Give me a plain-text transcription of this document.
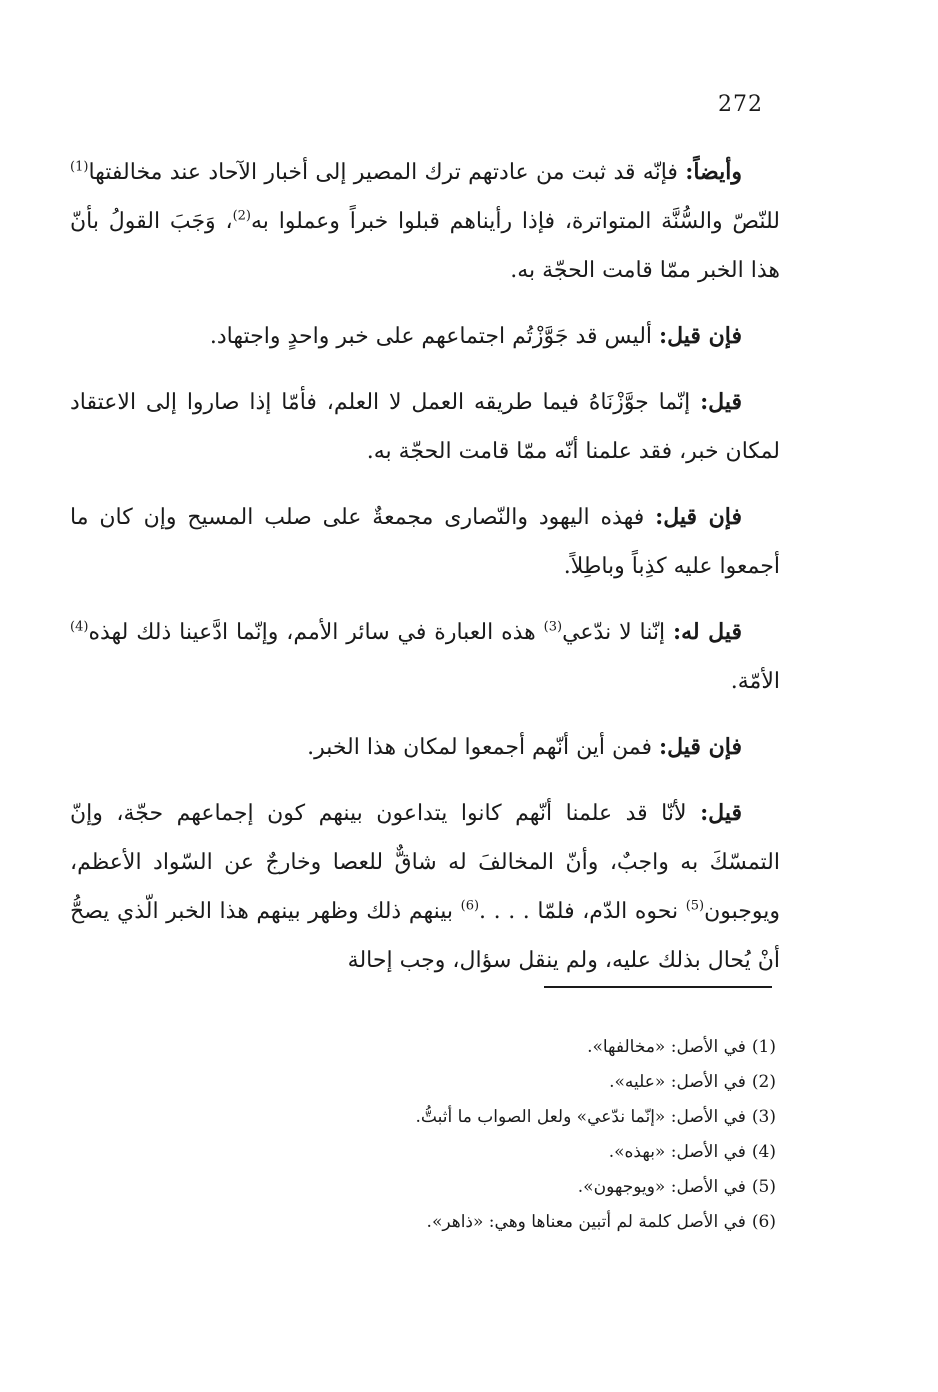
272

وأيضاً: فإنّه قد ثبت من عادتهم ترك المصير إلى أخبار الآحاد عند مخالفتها$^{(1)}$ للنّصّ والسُّنَّة المتواترة، فإذا رأيناهم قبلوا خبراً وعملوا به$^{(2)}$، وَجَبَ القولُ بأنّ هذا الخبر ممّا قامت الحجّة به.

فإن قيل: أليس قد جَوَّزْتُم اجتماعهم على خبر واحدٍ واجتهاد.

قيل: إنّما جوَّزْنَاهُ فيما طريقه العمل لا العلم، فأمّا إذا صاروا إلى الاعتقاد لمكان خبر، فقد علمنا أنّه ممّا قامت الحجّة به.

فإن قيل: فهذه اليهود والنّصارى مجمعةٌ على صلب المسيح وإن كان ما أجمعوا عليه كذِباً وباطِلاً.

قيل له: إنّنا لا ندّعي$^{(3)}$ هذه العبارة في سائر الأمم، وإنّما ادَّعينا ذلك لهذه$^{(4)}$ الأمّة.

فإن قيل: فمن أين أنّهم أجمعوا لمكان هذا الخبر.

قيل: لأنّا قد علمنا أنّهم كانوا يتداعون بينهم كون إجماعهم حجّة، وإنّ التمسّكَ به واجبٌ، وأنّ المخالفَ له شاقٌّ للعصا وخارجٌ عن السّواد الأعظم، ويوجبون$^{(5)}$ نحوه الدّم، فلمّا . . . .$^{(6)}$ بينهم ذلك وظهر بينهم هذا الخبر الّذي يصحُّ أنْ يُحال بذلك عليه، ولم ينقل سؤال، وجب إحالة

(1)في الأصل: «مخالفها».
(2)في الأصل: «عليه».
(3)في الأصل: «إنّما ندّعي» ولعل الصواب ما أثبتُّ.
(4)في الأصل: «بهذه».
(5)في الأصل: «ويوجهون».
(6)في الأصل كلمة لم أتبين معناها وهي: «ذاهر».
